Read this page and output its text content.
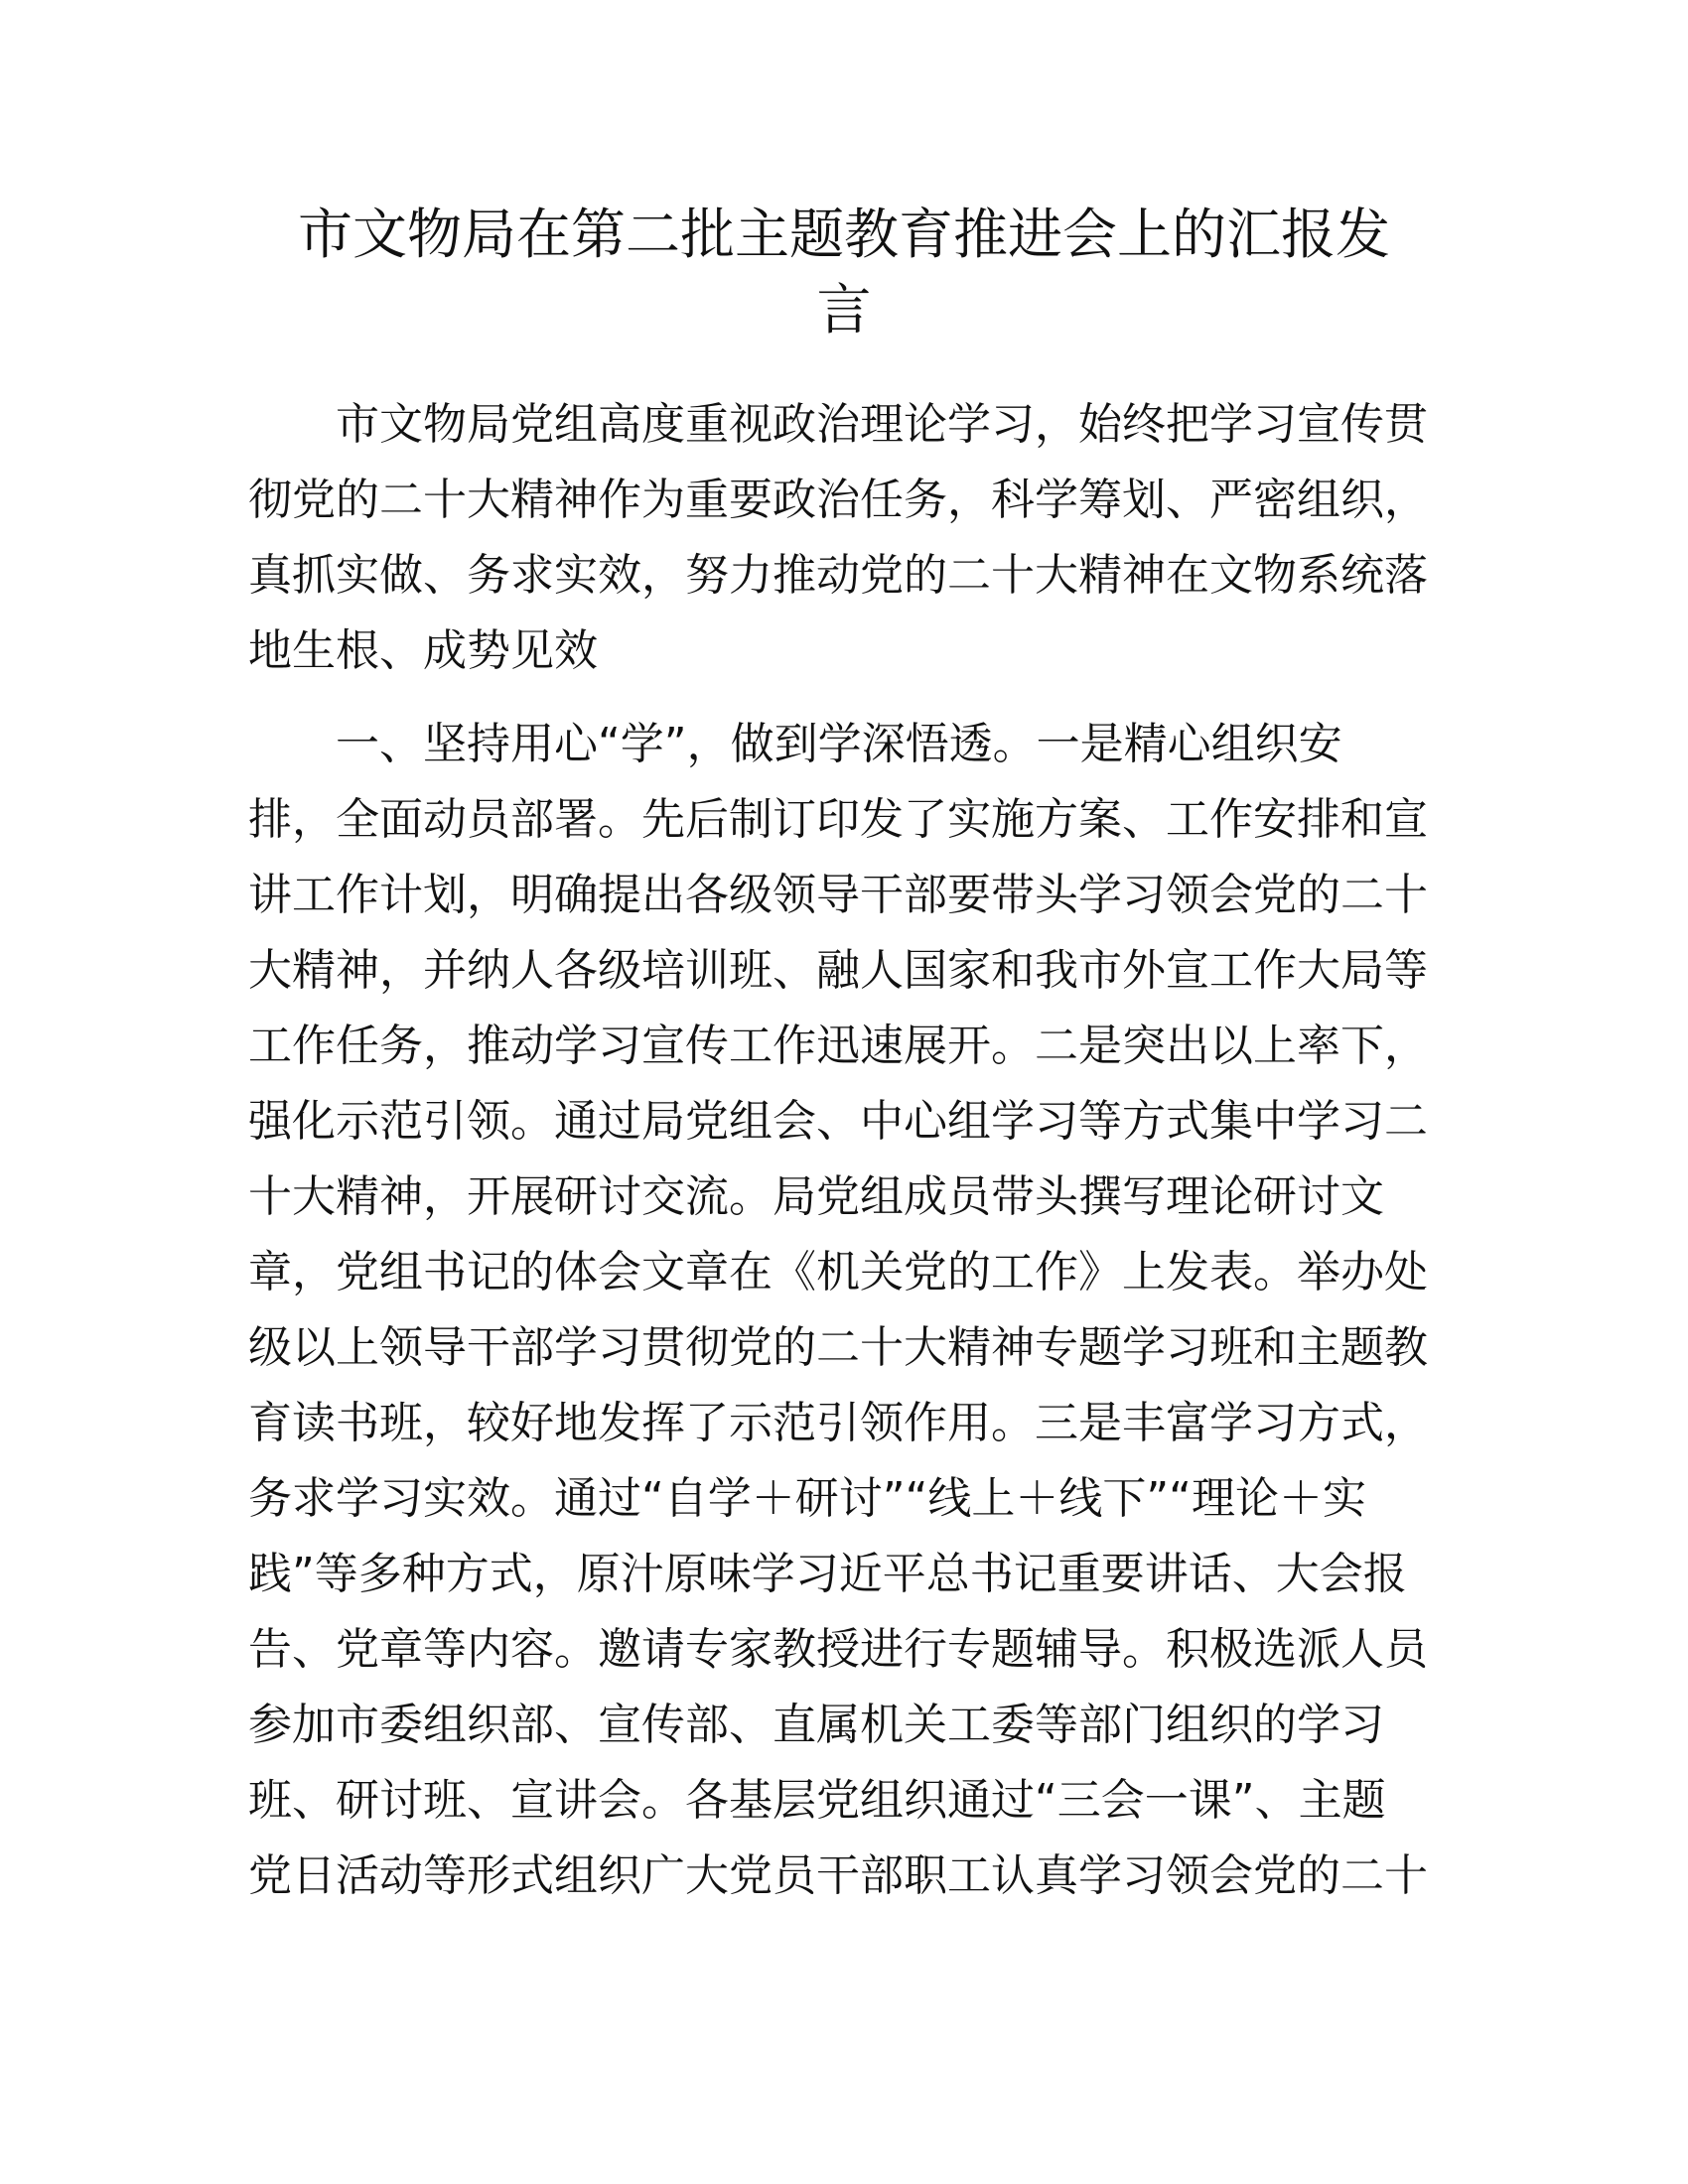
市文物局在第二批主题教育推进会上的汇报发
言
市文物局党组高度重视政治理论学习，始终把学习宣传贯
彻党的二十大精神作为重要政治任务，科学筹划、严密组织，
真抓实做、务求实效，努力推动党的二十大精神在文物系统落
地生根、成势见效
一、坚持用心“学”，做到学深悟透。一是精心组织安
排，全面动员部署。先后制订印发了实施方案、工作安排和宣
讲工作计划，明确提出各级领导干部要带头学习领会党的二十
大精神，并纳人各级培训班、融人国家和我市外宣工作大局等
工作任务，推动学习宣传工作迅速展开。二是突出以上率下，
强化示范引领。通过局党组会、中心组学习等方式集中学习二
十大精神，开展研讨交流。局党组成员带头撰写理论研讨文
章，党组书记的体会文章在《机关党的工作》上发表。举办处
级以上领导干部学习贯彻党的二十大精神专题学习班和主题教
育读书班，较好地发挥了示范引领作用。三是丰富学习方式，
务求学习实效。通过“自学＋研讨”“线上＋线下”“理论＋实
践”等多种方式，原汁原味学习近平总书记重要讲话、大会报
告、党章等内容。邀请专家教授进行专题辅导。积极选派人员
参加市委组织部、宣传部、直属机关工委等部门组织的学习
班、研讨班、宣讲会。各基层党组织通过“三会一课”、主题
党日活动等形式组织广大党员干部职工认真学习领会党的二十
